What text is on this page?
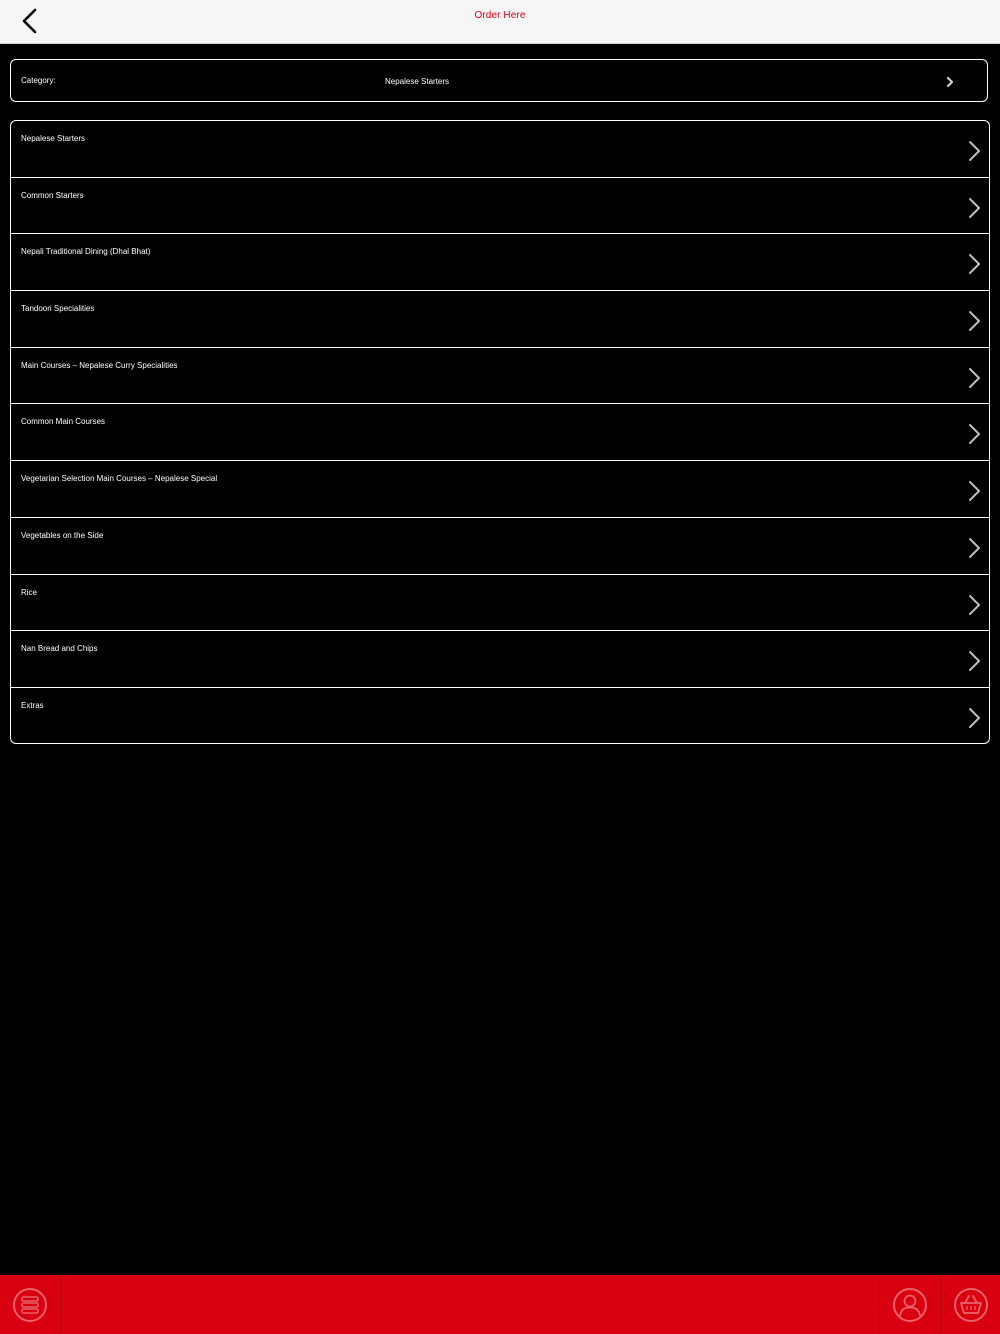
Order Here
Category:	Nepalese Starters
Nepalese Starters
Common Starters
Nepali Traditional Dining (Dhal Bhat)
Tandoori Specialities
Main Courses – Nepalese Curry Specialities
Common Main Courses
Vegetarian Selection Main Courses – Nepalese Special
Vegetables on the Side
Rice
Nan Bread and Chips
Extras
